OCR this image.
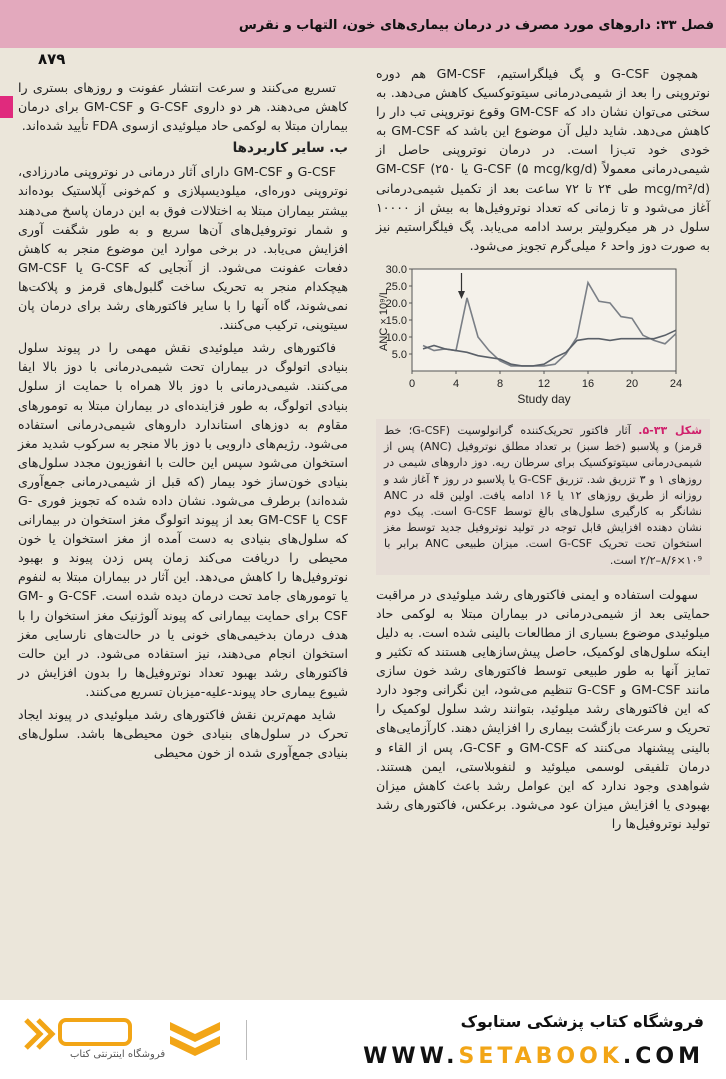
فصل ۳۳: داروهای مورد مصرف در درمان بیماری‌های خون، التهاب و نقرس
۸۷۹

همچون G-CSF و پگ فیلگراستیم، GM-CSF هم دوره نوتروپنی را بعد از شیمی‌درمانی سیتوتوکسیک کاهش می‌دهد. به سختی می‌توان نشان داد که GM-CSF وقوع نوتروپنی تب دار را کاهش می‌دهد. شاید دلیل آن موضوع این باشد که GM-CSF به خودی خود تب‌زا است. در درمان نوتروپنی حاصل از شیمی‌درمانی معمولاً G-CSF (۵ mcg/kg/d) یا GM-CSF (۲۵۰ mcg/m²/d) طی ۲۴ تا ۷۲ ساعت بعد از تکمیل شیمی‌درمانی آغاز می‌شود و تا زمانی که تعداد نوتروفیل‌ها به بیش از ۱۰۰۰۰ سلول در هر میکرولیتر برسد ادامه می‌یابد. پگ فیلگراستیم نیز به صورت دوز واحد ۶ میلی‌گرم تجویز می‌شود.

5.0
10.0
15.0
20.0
25.0
30.0
0	4	8	12	16	20	24
Study day
ANC × 10⁹/L
شکل ۳۳-۵. آثار فاکتور تحریک‌کننده گرانولوسیت (G-CSF؛ خط قرمز) و پلاسبو (خط سبز) بر تعداد مطلق نوتروفیل (ANC) پس از شیمی‌درمانی سیتوتوکسیک برای سرطان ریه. دوز داروهای شیمی در روزهای ۱ و ۳ تزریق شد. تزریق G-CSF یا پلاسبو در روز ۴ آغاز شد و روزانه از طریق روزهای ۱۲ یا ۱۶ ادامه یافت. اولین قله در ANC نشانگر به کارگیری سلول‌های بالغ توسط G-CSF است. پیک دوم نشان دهنده افزایش قابل توجه در تولید نوتروفیل جدید توسط مغز استخوان تحت تحریک G-CSF است. میزان طبیعی ANC برابر با ۱۰⁹×۸/۶–۲/۲ است.

سهولت استفاده و ایمنی فاکتورهای رشد میلوئیدی در مراقبت حمایتی بعد از شیمی‌درمانی در بیماران مبتلا به لوکمی حاد میلوئیدی موضوع بسیاری از مطالعات بالینی شده است. به دلیل اینکه سلول‌های لوکمیک، حاصل پیش‌سازهایی هستند که تکثیر و تمایز آنها به طور طبیعی توسط فاکتورهای رشد خون سازی مانند GM-CSF و G-CSF تنظیم می‌شود، این نگرانی وجود دارد که این فاکتورهای رشد میلوئید، بتوانند رشد سلول لوکمیک را تحریک و سرعت بازگشت بیماری را افزایش دهند. کارآزمایی‌های بالینی پیشنهاد می‌کنند که GM-CSF و G-CSF، پس از القاء و درمان تلفیقی لوسمی میلوئید و لنفوبلاستی، ایمن هستند. شواهدی وجود ندارد که این عوامل رشد باعث کاهش میزان بهبودی یا افزایش میزان عود می‌شود. برعکس، فاکتورهای رشد تولید نوتروفیل‌ها را

تسریع می‌کنند و سرعت انتشار عفونت و روزهای بستری را کاهش می‌دهند. هر دو داروی G-CSF و GM-CSF برای درمان بیماران مبتلا به لوکمی حاد میلوئیدی ازسوی FDA تأیید شده‌اند.

ب. سایر کاربردها

G-CSF و GM-CSF دارای آثار درمانی در نوتروپنی مادرزادی، نوتروپنی دوره‌ای، میلودیسپلازی و کم‌خونی آپلاستیک بوده‌اند بیشتر بیماران مبتلا به اختلالات فوق به این درمان پاسخ می‌دهند و شمار نوتروفیل‌های آن‌ها سریع و به طور شگفت آوری افزایش می‌یابد. در برخی موارد این موضوع منجر به کاهش دفعات عفونت می‌شود. از آنجایی که G-CSF یا GM-CSF هیچکدام منجر به تحریک ساخت گلبول‌های قرمز و پلاکت‌ها نمی‌شوند، گاه آنها را با سایر فاکتورهای رشد برای درمان پان سیتوپنی، ترکیب می‌کنند.

فاکتورهای رشد میلوئیدی نقش مهمی را در پیوند سلول بنیادی اتولوگ در بیماران تحت شیمی‌درمانی با دوز بالا ایفا می‌کنند. شیمی‌درمانی با دوز بالا همراه با حمایت از سلول بنیادی اتولوگ، به طور فزاینده‌ای در بیماران مبتلا به تومورهای مقاوم به دوزهای استاندارد داروهای شیمی‌درمانی استفاده می‌شود. رژیم‌های دارویی با دوز بالا منجر به سرکوب شدید مغز استخوان می‌شود سپس این حالت با انفوزیون مجدد سلول‌های بنیادی خون‌ساز خود بیمار (که قبل از شیمی‌درمانی جمع‌آوری شده‌اند) برطرف می‌شود. نشان داده شده که تجویز فوری G-CSF یا GM-CSF بعد از پیوند اتولوگ مغز استخوان در بیمارانی که سلول‌های بنیادی به دست آمده از مغز استخوان یا خون محیطی را دریافت می‌کند زمان پس زدن پیوند و بهبود نوتروفیل‌ها را کاهش می‌دهد. این آثار در بیماران مبتلا به لنفوم یا تومورهای جامد تحت درمان دیده شده است. G-CSF و GM-CSF برای حمایت بیمارانی که پیوند آلوژنیک مغز استخوان را با هدف درمان بدخیمی‌های خونی یا در حالت‌های نارسایی مغز استخوان انجام می‌دهند، نیز استفاده می‌شود. در این حالت فاکتورهای رشد بهبود تعداد نوتروفیل‌ها را بدون افزایش در شیوع بیماری حاد پیوند-علیه-میزبان تسریع می‌کنند.

شاید مهم‌ترین نقش فاکتورهای رشد میلوئیدی در پیوند ایجاد تحرک در سلول‌های بنیادی خون محیطی‌ها باشد. سلول‌های بنیادی جمع‌آوری شده از خون محیطی

فروشگاه اینترنتی کتاب
فروشگاه کتاب پزشکی ستابوک
WWW.SETABOOK.COM
